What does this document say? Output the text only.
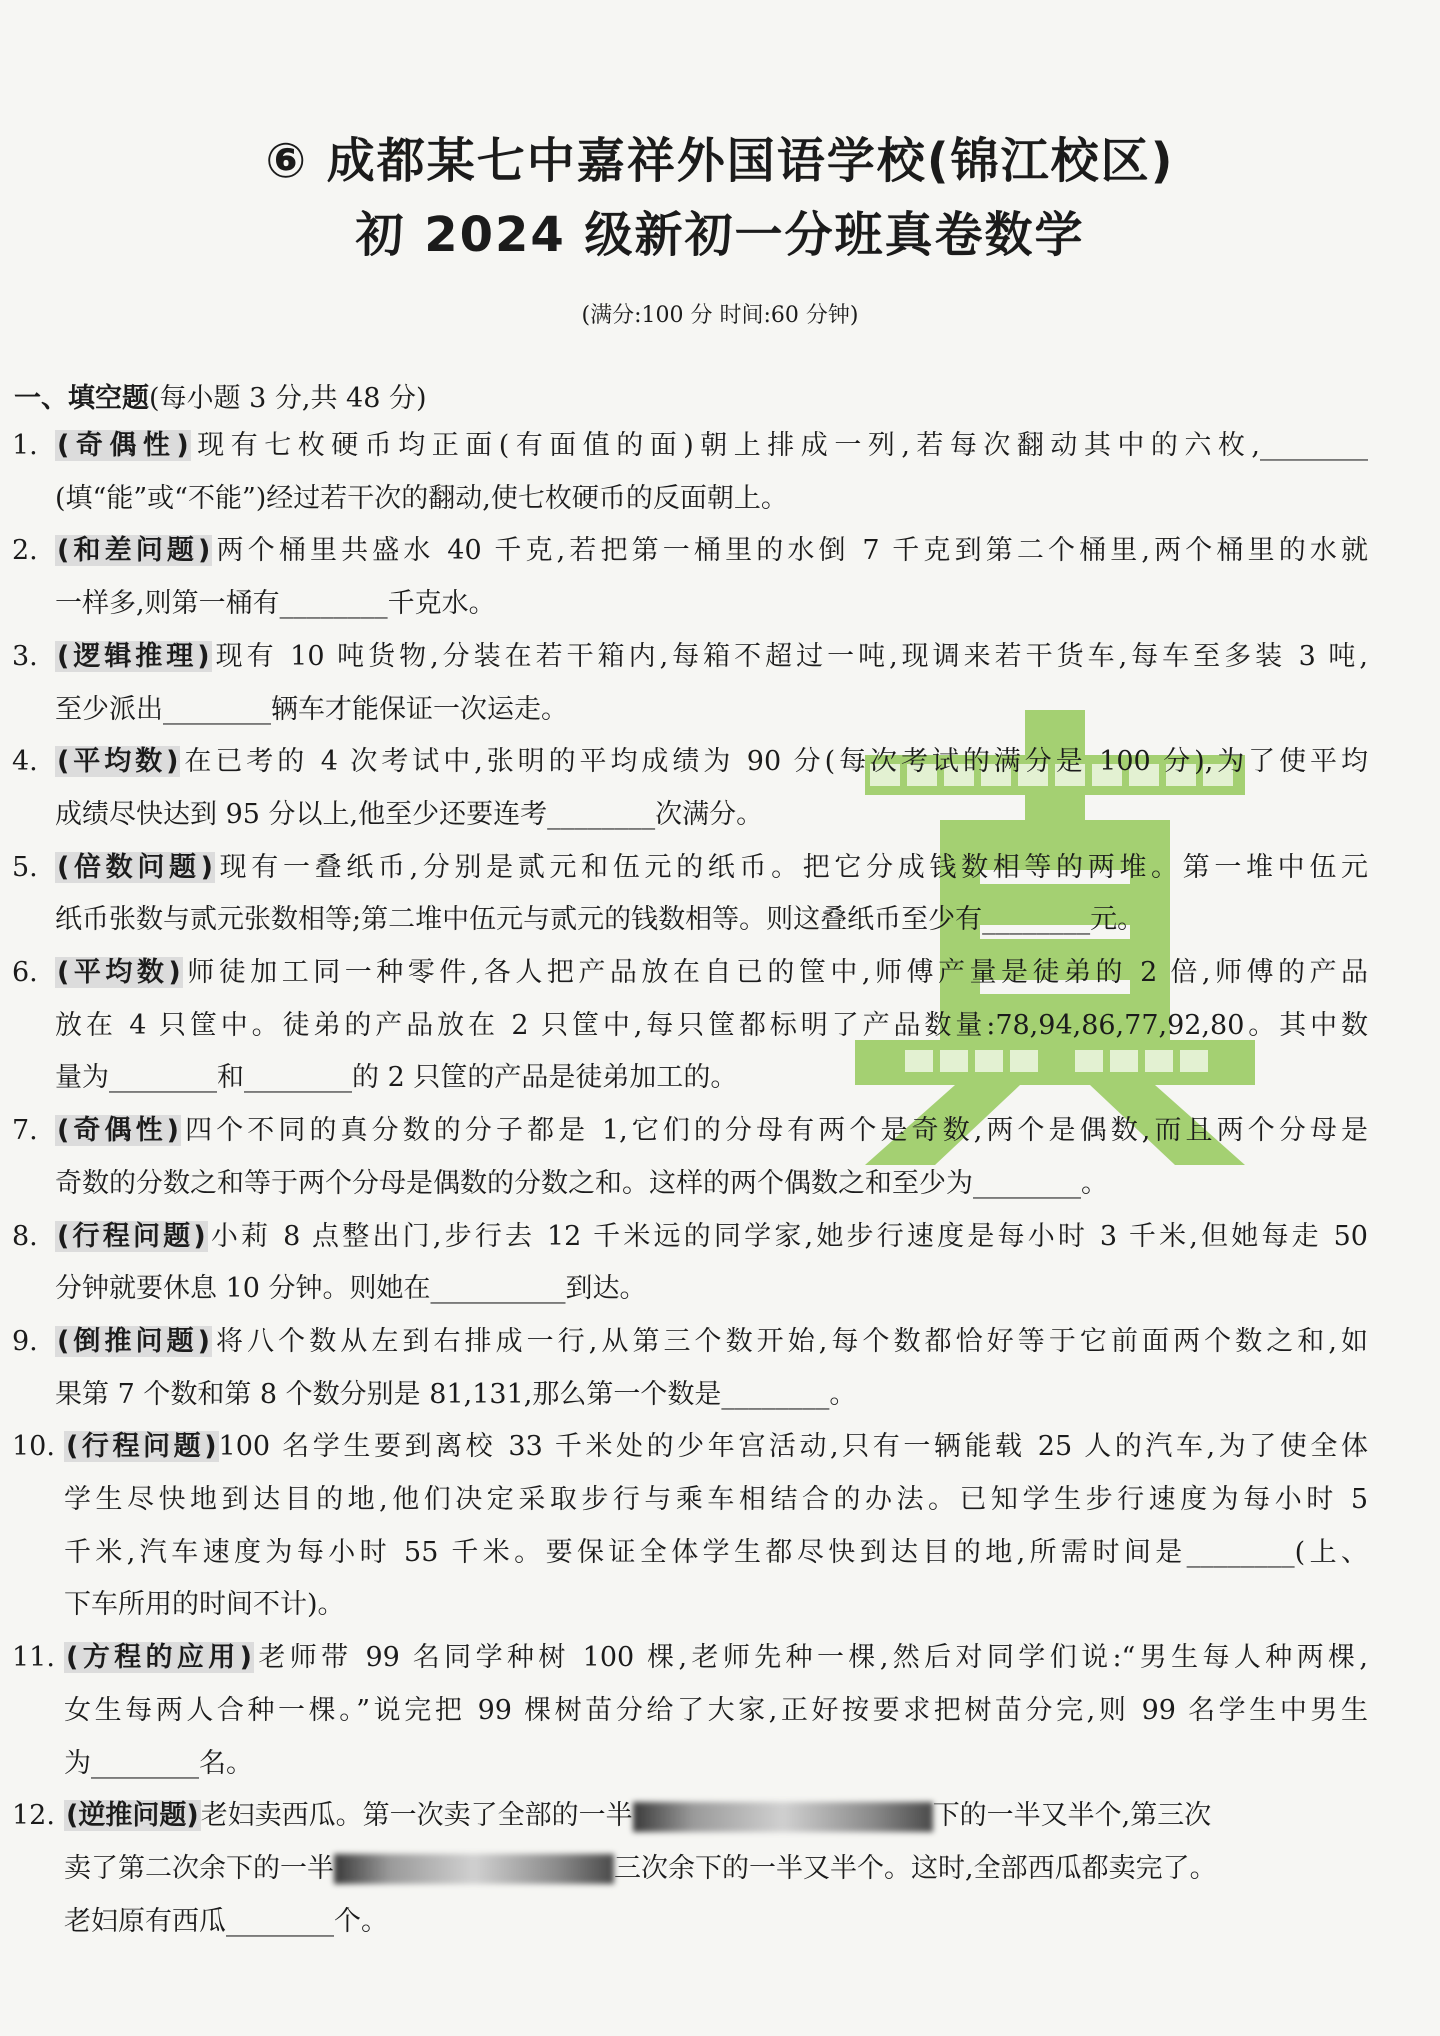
⑥ 成都某七中嘉祥外国语学校(锦江校区)
初 2024 级新初一分班真卷数学
(满分:100 分 时间:60 分钟)
一、填空题(每小题 3 分,共 48 分)
1. (奇偶性)现有七枚硬币均正面(有面值的面)朝上排成一列,若每次翻动其中的六枚,________
(填“能”或“不能”)经过若干次的翻动,使七枚硬币的反面朝上。
2. (和差问题)两个桶里共盛水 40 千克,若把第一桶里的水倒 7 千克到第二个桶里,两个桶里的水就
一样多,则第一桶有________千克水。
3. (逻辑推理)现有 10 吨货物,分装在若干箱内,每箱不超过一吨,现调来若干货车,每车至多装 3 吨,
至少派出________辆车才能保证一次运走。
4. (平均数)在已考的 4 次考试中,张明的平均成绩为 90 分(每次考试的满分是 100 分),为了使平均
成绩尽快达到 95 分以上,他至少还要连考________次满分。
5. (倍数问题)现有一叠纸币,分别是贰元和伍元的纸币。把它分成钱数相等的两堆。第一堆中伍元
纸币张数与贰元张数相等;第二堆中伍元与贰元的钱数相等。则这叠纸币至少有________元。
6. (平均数)师徒加工同一种零件,各人把产品放在自已的筐中,师傅产量是徒弟的 2 倍,师傅的产品
放在 4 只筐中。徒弟的产品放在 2 只筐中,每只筐都标明了产品数量:78,94,86,77,92,80。其中数
量为________和________的 2 只筐的产品是徒弟加工的。
7. (奇偶性)四个不同的真分数的分子都是 1,它们的分母有两个是奇数,两个是偶数,而且两个分母是
奇数的分数之和等于两个分母是偶数的分数之和。这样的两个偶数之和至少为________。
8. (行程问题)小莉 8 点整出门,步行去 12 千米远的同学家,她步行速度是每小时 3 千米,但她每走 50
分钟就要休息 10 分钟。则她在__________到达。
9. (倒推问题)将八个数从左到右排成一行,从第三个数开始,每个数都恰好等于它前面两个数之和,如
果第 7 个数和第 8 个数分别是 81,131,那么第一个数是________。
10. (行程问题)100 名学生要到离校 33 千米处的少年宫活动,只有一辆能载 25 人的汽车,为了使全体
学生尽快地到达目的地,他们决定采取步行与乘车相结合的办法。已知学生步行速度为每小时 5
千米,汽车速度为每小时 55 千米。要保证全体学生都尽快到达目的地,所需时间是________(上、
下车所用的时间不计)。
11. (方程的应用)老师带 99 名同学种树 100 棵,老师先种一棵,然后对同学们说:“男生每人种两棵,
女生每两人合种一棵。”说完把 99 棵树苗分给了大家,正好按要求把树苗分完,则 99 名学生中男生
为________名。
12. (逆推问题)老妇卖西瓜。第一次卖了全部的一半	下的一半又半个,第三次
卖了第二次余下的一半	三次余下的一半又半个。这时,全部西瓜都卖完了。
老妇原有西瓜________个。
